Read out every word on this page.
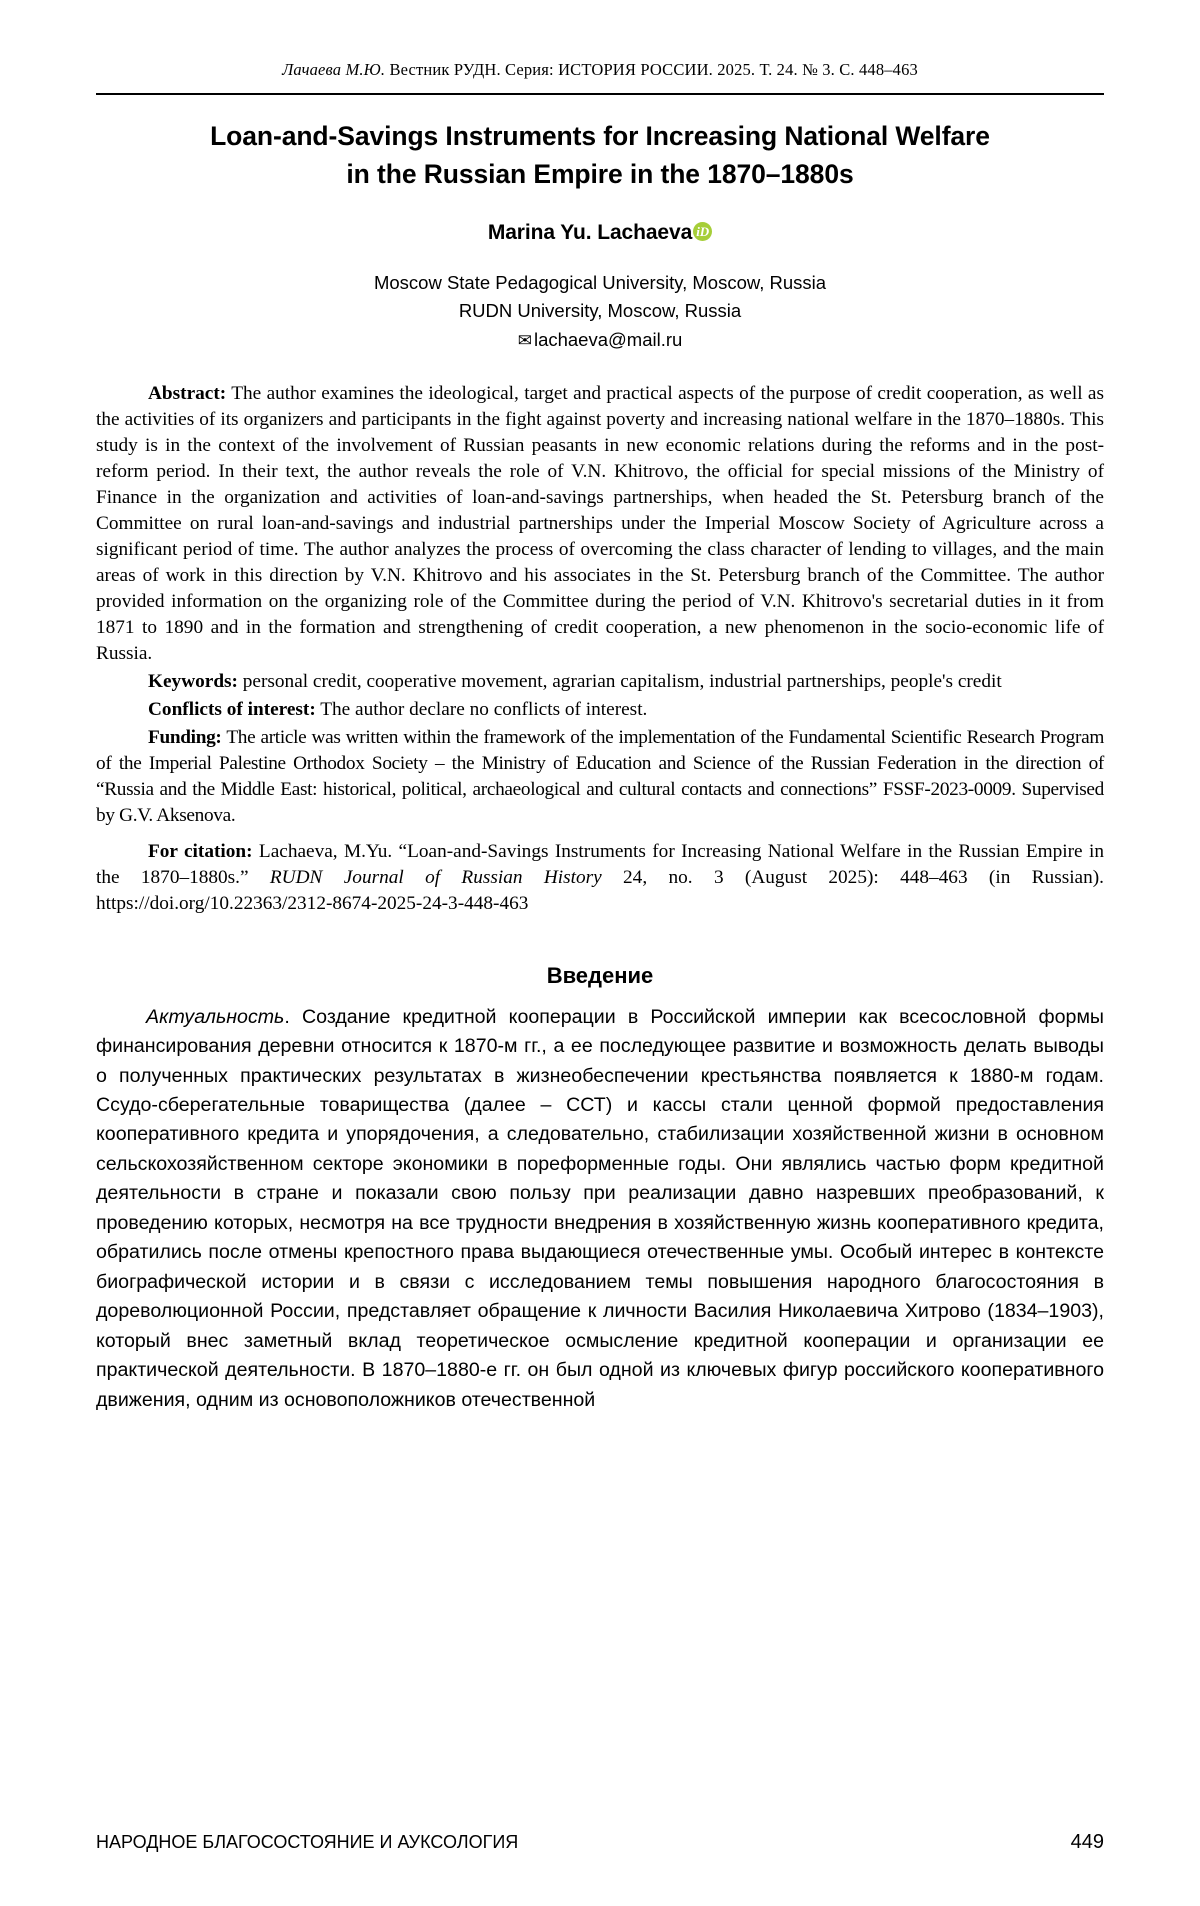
Лачаева М.Ю. Вестник РУДН. Серия: ИСТОРИЯ РОССИИ. 2025. Т. 24. № 3. С. 448–463
Loan-and-Savings Instruments for Increasing National Welfare
in the Russian Empire in the 1870–1880s
Marina Yu. Lachaeva iD
Moscow State Pedagogical University, Moscow, Russia
RUDN University, Moscow, Russia
✉ lachaeva@mail.ru

Abstract: The author examines the ideological, target and practical aspects of the purpose of credit cooperation, as well as the activities of its organizers and participants in the fight against poverty and increasing national welfare in the 1870–1880s. This study is in the context of the involvement of Russian peasants in new economic relations during the reforms and in the post-reform period. In their text, the author reveals the role of V.N. Khitrovo, the official for special missions of the Ministry of Finance in the organization and activities of loan-and-savings partnerships, when headed the St. Petersburg branch of the Committee on rural loan-and-savings and industrial partnerships under the Imperial Moscow Society of Agriculture across a significant period of time. The author analyzes the process of overcoming the class character of lending to villages, and the main areas of work in this direction by V.N. Khitrovo and his associates in the St. Petersburg branch of the Committee. The author provided information on the organizing role of the Committee during the period of V.N. Khitrovo's secretarial duties in it from 1871 to 1890 and in the formation and strengthening of credit cooperation, a new phenomenon in the socio-economic life of Russia.

Keywords: personal credit, cooperative movement, agrarian capitalism, industrial partnerships, people's credit

Conflicts of interest: The author declare no conflicts of interest.

Funding: The article was written within the framework of the implementation of the Fundamental Scientific Research Program of the Imperial Palestine Orthodox Society – the Ministry of Education and Science of the Russian Federation in the direction of “Russia and the Middle East: historical, political, archaeological and cultural contacts and connections” FSSF-2023-0009. Supervised by G.V. Aksenova.

For citation: Lachaeva, M.Yu. “Loan-and-Savings Instruments for Increasing National Welfare in the Russian Empire in the 1870–1880s.” RUDN Journal of Russian History 24, no. 3 (August 2025): 448–463 (in Russian). https://doi.org/10.22363/2312-8674-2025-24-3-448-463

Введение

Актуальность. Создание кредитной кооперации в Российской империи как всесословной формы финансирования деревни относится к 1870-м гг., а ее последующее развитие и возможность делать выводы о полученных практических результатах в жизнеобеспечении крестьянства появляется к 1880-м годам. Ссудо-сберегательные товарищества (далее – ССТ) и кассы стали ценной формой предоставления кооперативного кредита и упорядочения, а следовательно, стабилизации хозяйственной жизни в основном сельскохозяйственном секторе экономики в пореформенные годы. Они являлись частью форм кредитной деятельности в стране и показали свою пользу при реализации давно назревших преобразований, к проведению которых, несмотря на все трудности внедрения в хозяйственную жизнь кооперативного кредита, обратились после отмены крепостного права выдающиеся отечественные умы. Особый интерес в контексте биографической истории и в связи с исследованием темы повышения народного благосостояния в дореволюционной России, представляет обращение к личности Василия Николаевича Хитрово (1834–1903), который внес заметный вклад теоретическое осмысление кредитной кооперации и организации ее практической деятельности. В 1870–1880-е гг. он был одной из ключевых фигур российского кооперативного движения, одним из основоположников отечественной

НАРОДНОЕ БЛАГОСОСТОЯНИЕ И АУКСОЛОГИЯ	449
